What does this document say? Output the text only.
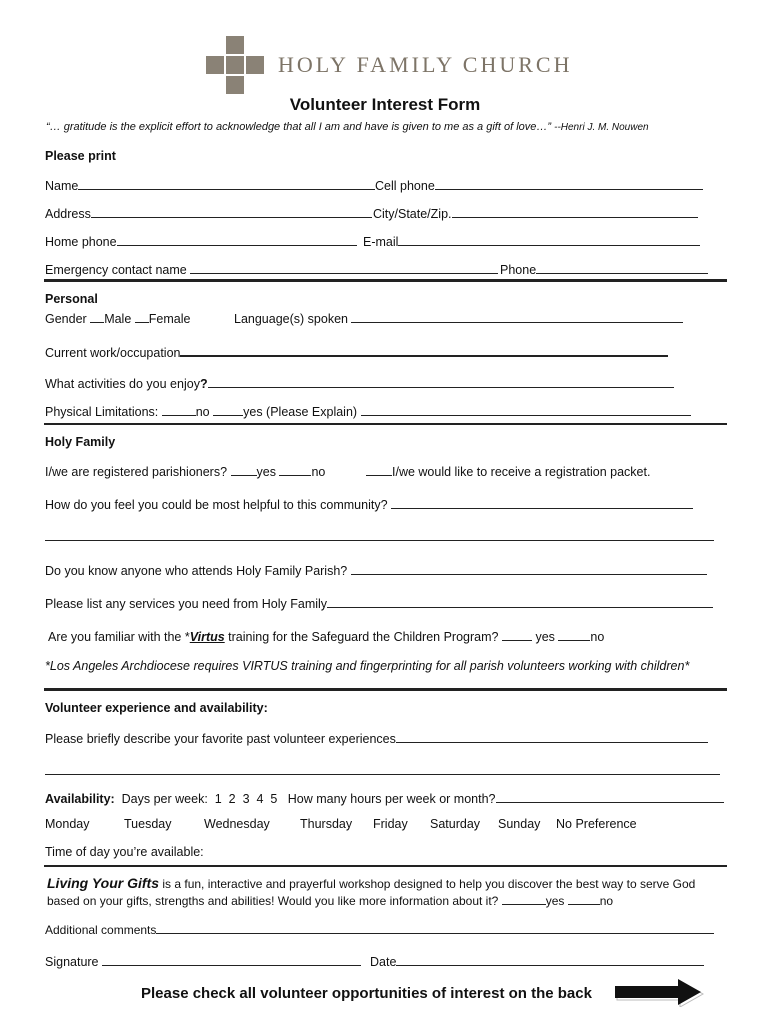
HOLY FAMILY CHURCH
Volunteer Interest Form
“… gratitude is the explicit effort to acknowledge that all I am and have is given to me as a gift of love…” --Henri J. M. Nouwen
Please print
Name	Cell phone
Address	City/State/Zip.
Home phone	E-mail
Emergency contact name	Phone
Personal
Gender Male Female	Language(s) spoken
Current work/occupation
What activities do you enjoy?
Physical Limitations:	no	yes (Please Explain)
Holy Family
I/we are registered parishioners? yes	no	I/we would like to receive a registration packet.
How do you feel you could be most helpful to this community?
Do you know anyone who attends Holy Family Parish?
Please list any services you need from Holy Family
Are you familiar with the *Virtus training for the Safeguard the Children Program?	yes	no
*Los Angeles Archdiocese requires VIRTUS training and fingerprinting for all parish volunteers working with children*
Volunteer experience and availability:
Please briefly describe your favorite past volunteer experiences
Availability: Days per week: 1 2 3 4 5 How many hours per week or month?
Monday	Tuesday	Wednesday Thursday Friday Saturday Sunday No Preference
Time of day you’re available:
Living Your Gifts is a fun, interactive and prayerful workshop designed to help you discover the best way to serve God
based on your gifts, strengths and abilities! Would you like more information about it?	yes	no
Additional comments
Signature	Date
Please check all volunteer opportunities of interest on the back
